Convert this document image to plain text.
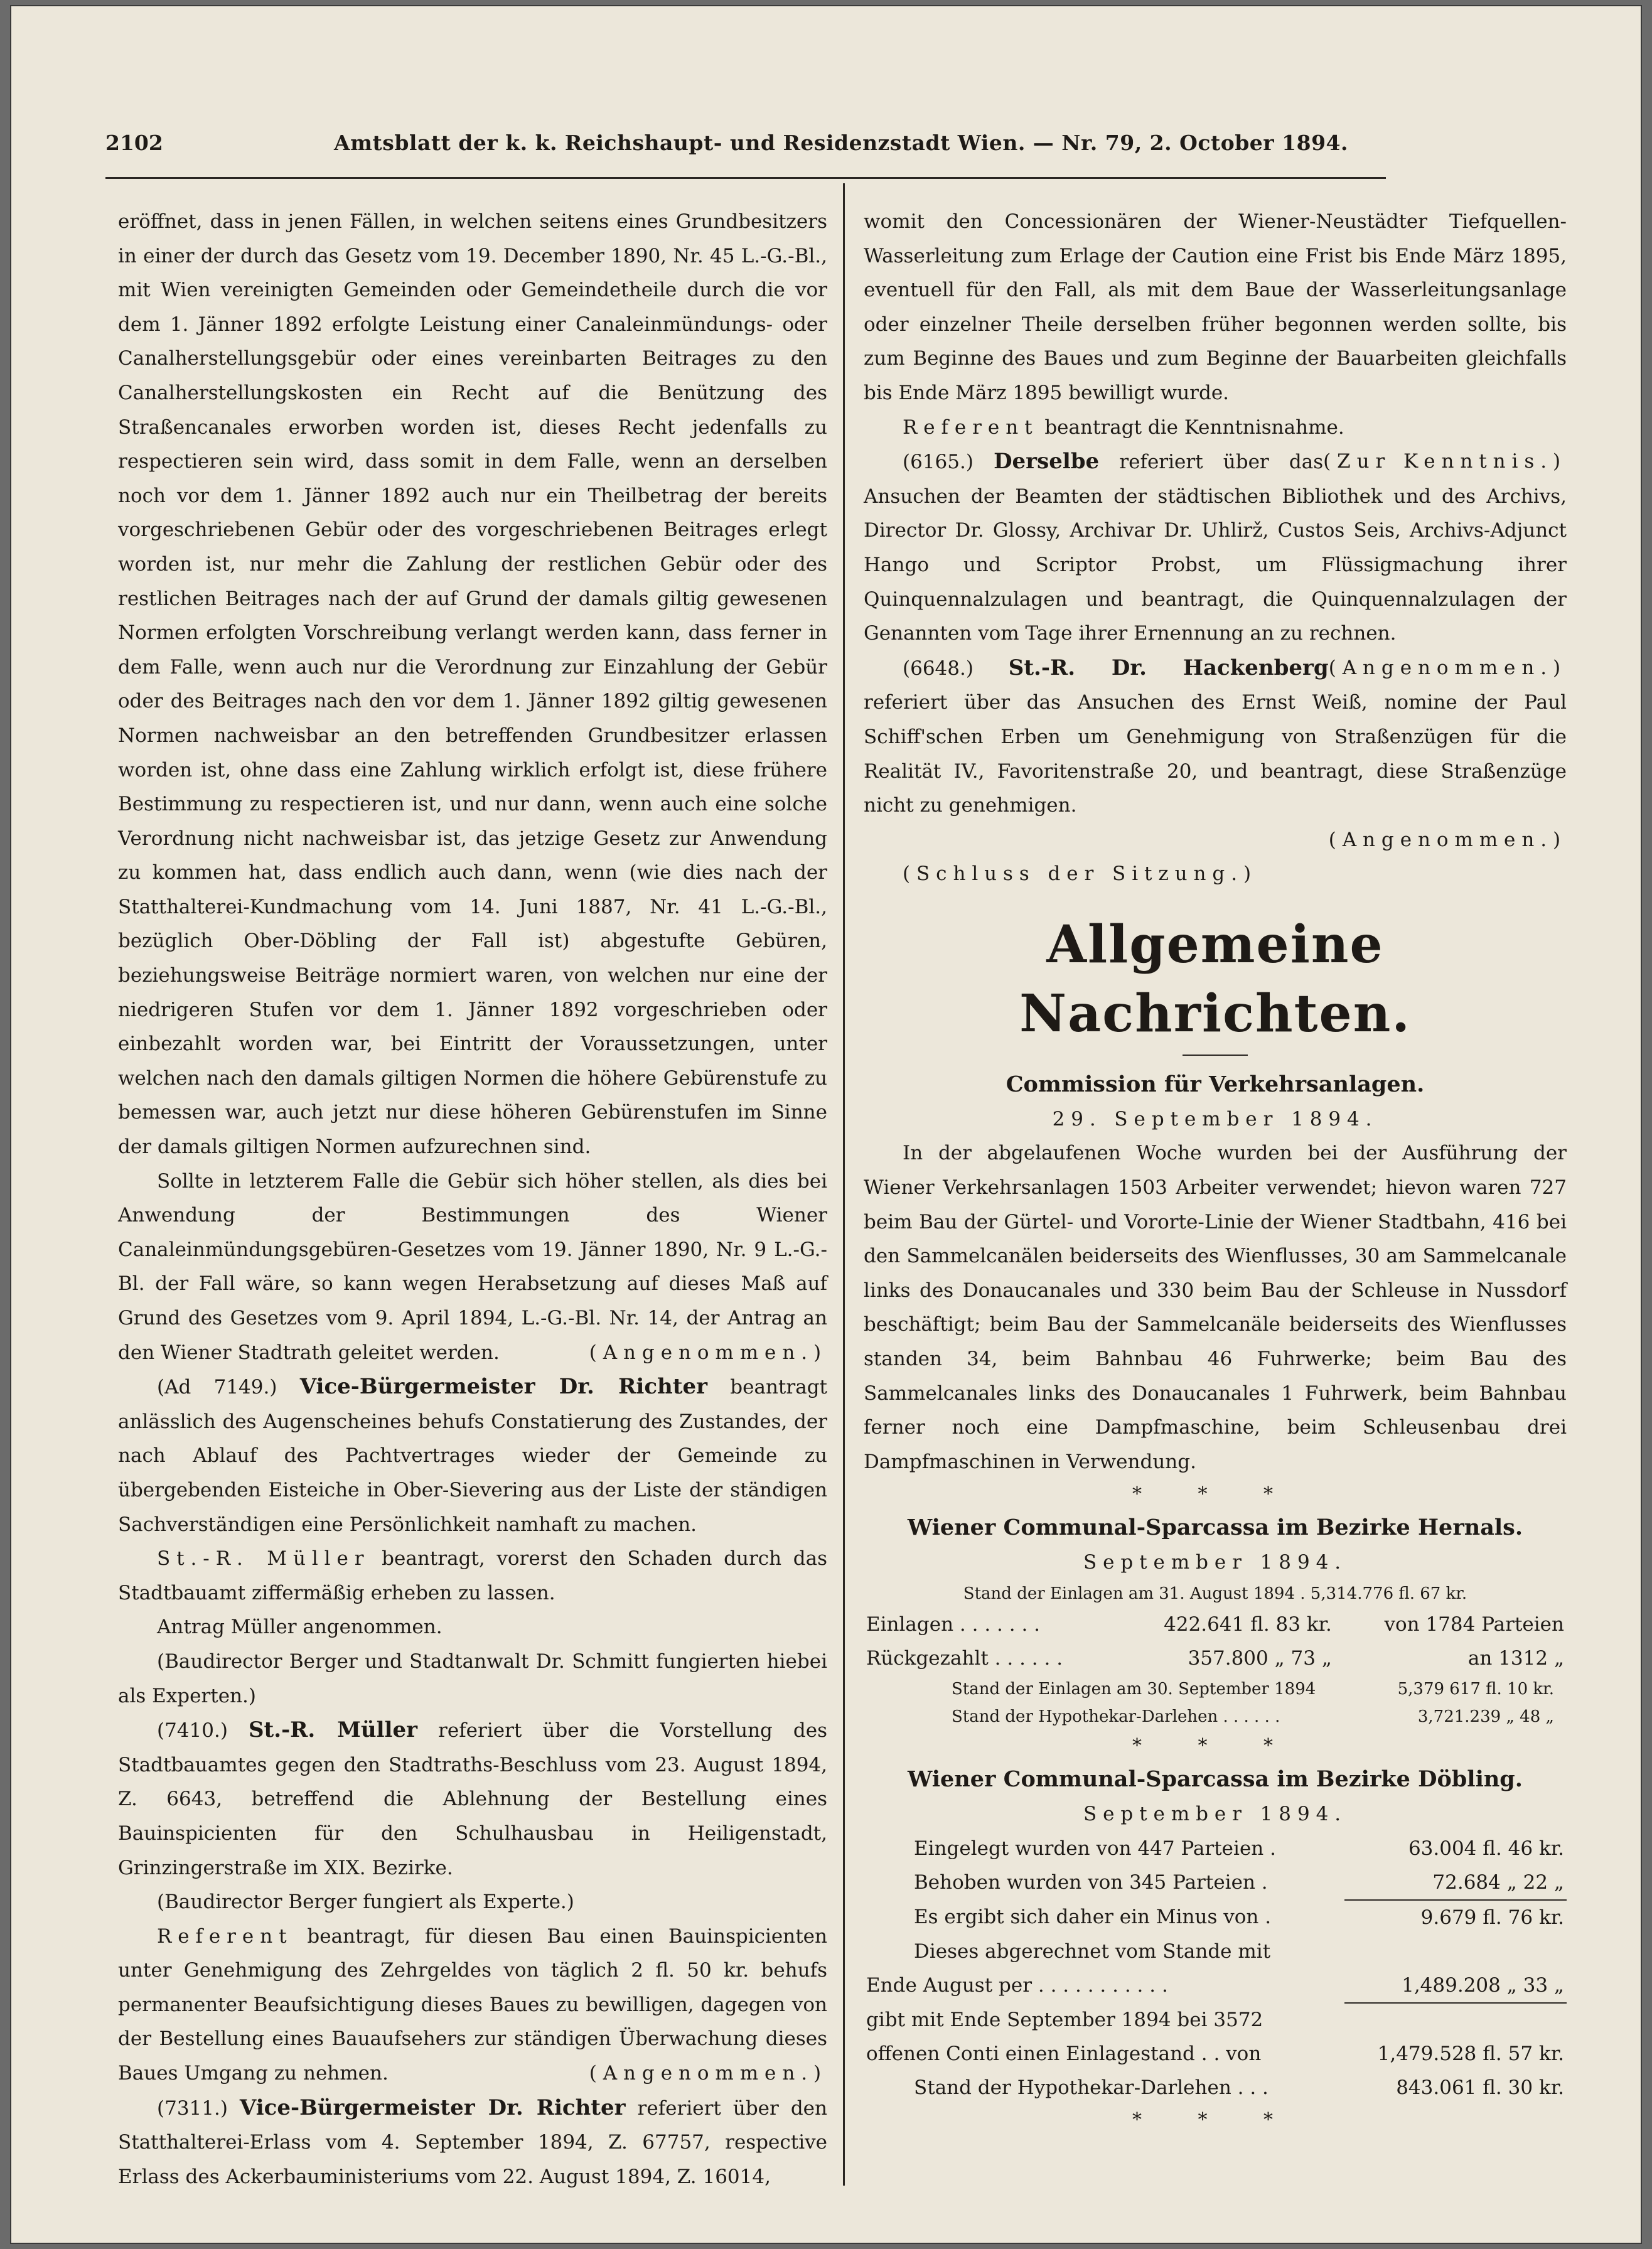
2102	Amtsblatt der k. k. Reichshaupt- und Residenzstadt Wien. — Nr. 79, 2. October 1894.

eröffnet, dass in jenen Fällen, in welchen seitens eines Grundbesitzers in einer der durch das Gesetz vom 19. December 1890, Nr. 45 L.-G.-Bl., mit Wien vereinigten Gemeinden oder Gemeindetheile durch die vor dem 1. Jänner 1892 erfolgte Leistung einer Canaleinmündungs- oder Canalherstellungsgebür oder eines vereinbarten Beitrages zu den Canalherstellungskosten ein Recht auf die Benützung des Straßencanales erworben worden ist, dieses Recht jedenfalls zu respectieren sein wird, dass somit in dem Falle, wenn an derselben noch vor dem 1. Jänner 1892 auch nur ein Theilbetrag der bereits vorgeschriebenen Gebür oder des vorgeschriebenen Beitrages erlegt worden ist, nur mehr die Zahlung der restlichen Gebür oder des restlichen Beitrages nach der auf Grund der damals giltig gewesenen Normen erfolgten Vorschreibung verlangt werden kann, dass ferner in dem Falle, wenn auch nur die Verordnung zur Einzahlung der Gebür oder des Beitrages nach den vor dem 1. Jänner 1892 giltig gewesenen Normen nachweisbar an den betreffenden Grundbesitzer erlassen worden ist, ohne dass eine Zahlung wirklich erfolgt ist, diese frühere Bestimmung zu respectieren ist, und nur dann, wenn auch eine solche Verordnung nicht nachweisbar ist, das jetzige Gesetz zur Anwendung zu kommen hat, dass endlich auch dann, wenn (wie dies nach der Statthalterei-Kundmachung vom 14. Juni 1887, Nr. 41 L.-G.-Bl., bezüglich Ober-Döbling der Fall ist) abgestufte Gebüren, beziehungsweise Beiträge normiert waren, von welchen nur eine der niedrigeren Stufen vor dem 1. Jänner 1892 vorgeschrieben oder einbezahlt worden war, bei Eintritt der Voraussetzungen, unter welchen nach den damals giltigen Normen die höhere Gebürenstufe zu bemessen war, auch jetzt nur diese höheren Gebürenstufen im Sinne der damals giltigen Normen aufzurechnen sind.

Sollte in letzterem Falle die Gebür sich höher stellen, als dies bei Anwendung der Bestimmungen des Wiener Canaleinmündungsgebüren-Gesetzes vom 19. Jänner 1890, Nr. 9 L.-G.-Bl. der Fall wäre, so kann wegen Herabsetzung auf dieses Maß auf Grund des Gesetzes vom 9. April 1894, L.-G.-Bl. Nr. 14, der Antrag an den Wiener Stadtrath geleitet werden.	(Angenommen.)

(Ad 7149.) Vice-Bürgermeister Dr. Richter beantragt anlässlich des Augenscheines behufs Constatierung des Zustandes, der nach Ablauf des Pachtvertrages wieder der Gemeinde zu übergebenden Eisteiche in Ober-Sievering aus der Liste der ständigen Sachverständigen eine Persönlichkeit namhaft zu machen.

St.-R. Müller beantragt, vorerst den Schaden durch das Stadtbauamt ziffermäßig erheben zu lassen.

Antrag Müller angenommen.

(Baudirector Berger und Stadtanwalt Dr. Schmitt fungierten hiebei als Experten.)

(7410.) St.-R. Müller referiert über die Vorstellung des Stadtbauamtes gegen den Stadtraths-Beschluss vom 23. August 1894, Z. 6643, betreffend die Ablehnung der Bestellung eines Bauinspicienten für den Schulhausbau in Heiligenstadt, Grinzingerstraße im XIX. Bezirke.

(Baudirector Berger fungiert als Experte.)

Referent beantragt, für diesen Bau einen Bauinspicienten unter Genehmigung des Zehrgeldes von täglich 2 fl. 50 kr. behufs permanenter Beaufsichtigung dieses Baues zu bewilligen, dagegen von der Bestellung eines Bauaufsehers zur ständigen Überwachung dieses Baues Umgang zu nehmen.	(Angenommen.)

(7311.) Vice-Bürgermeister Dr. Richter referiert über den Statthalterei-Erlass vom 4. September 1894, Z. 67757, respective Erlass des Ackerbauministeriums vom 22. August 1894, Z. 16014,

womit den Concessionären der Wiener-Neustädter Tiefquellen-Wasserleitung zum Erlage der Caution eine Frist bis Ende März 1895, eventuell für den Fall, als mit dem Baue der Wasserleitungsanlage oder einzelner Theile derselben früher begonnen werden sollte, bis zum Beginne des Baues und zum Beginne der Bauarbeiten gleichfalls bis Ende März 1895 bewilligt wurde.

Referent beantragt die Kenntnisnahme.
(Zur Kenntnis.)

(6165.) Derselbe referiert über das Ansuchen der Beamten der städtischen Bibliothek und des Archivs, Director Dr. Glossy, Archivar Dr. Uhlirž, Custos Seis, Archivs-Adjunct Hango und Scriptor Probst, um Flüssigmachung ihrer Quinquennalzulagen und beantragt, die Quinquennalzulagen der Genannten vom Tage ihrer Ernennung an zu rechnen.
(Angenommen.)

(6648.) St.-R. Dr. Hackenberg referiert über das Ansuchen des Ernst Weiß, nomine der Paul Schiff'schen Erben um Genehmigung von Straßenzügen für die Realität IV., Favoritenstraße 20, und beantragt, diese Straßenzüge nicht zu genehmigen.

(Angenommen.)

(Schluss der Sitzung.)

Allgemeine Nachrichten.
Commission für Verkehrsanlagen.

29. September 1894.

In der abgelaufenen Woche wurden bei der Ausführung der Wiener Verkehrsanlagen 1503 Arbeiter verwendet; hievon waren 727 beim Bau der Gürtel- und Vororte-Linie der Wiener Stadtbahn, 416 bei den Sammelcanälen beiderseits des Wienflusses, 30 am Sammelcanale links des Donaucanales und 330 beim Bau der Schleuse in Nussdorf beschäftigt; beim Bau der Sammelcanäle beiderseits des Wienflusses standen 34, beim Bahnbau 46 Fuhrwerke; beim Bau des Sammelcanales links des Donaucanales 1 Fuhrwerk, beim Bahnbau ferner noch eine Dampfmaschine, beim Schleusenbau drei Dampfmaschinen in Verwendung.

* * *
Wiener Communal-Sparcassa im Bezirke Hernals.

September 1894.

Stand der Einlagen am 31. August 1894 . 5,314.776 fl. 67 kr.

Einlagen . . . . . . .	422.641 fl. 83 kr.	von 1784 Parteien
Rückgezahlt . . . . . .	357.800 „ 73 „	an 1312 „
Stand der Einlagen am 30. September 1894	5,379 617 fl. 10 kr.
Stand der Hypothekar-Darlehen . . . . . .	3,721.239 „ 48 „
* * *
Wiener Communal-Sparcassa im Bezirke Döbling.

September 1894.

Eingelegt wurden von 447 Parteien .	63.004 fl. 46 kr.
Behoben wurden von 345 Parteien .	72.684 „ 22 „
Es ergibt sich daher ein Minus von .	9.679 fl. 76 kr.
Dieses abgerechnet vom Stande mit	
Ende August per . . . . . . . . . . .	1,489.208 „ 33 „
gibt mit Ende September 1894 bei 3572	
offenen Conti einen Einlagestand . . von	1,479.528 fl. 57 kr.
Stand der Hypothekar-Darlehen . . .	843.061 fl. 30 kr.
* * *
